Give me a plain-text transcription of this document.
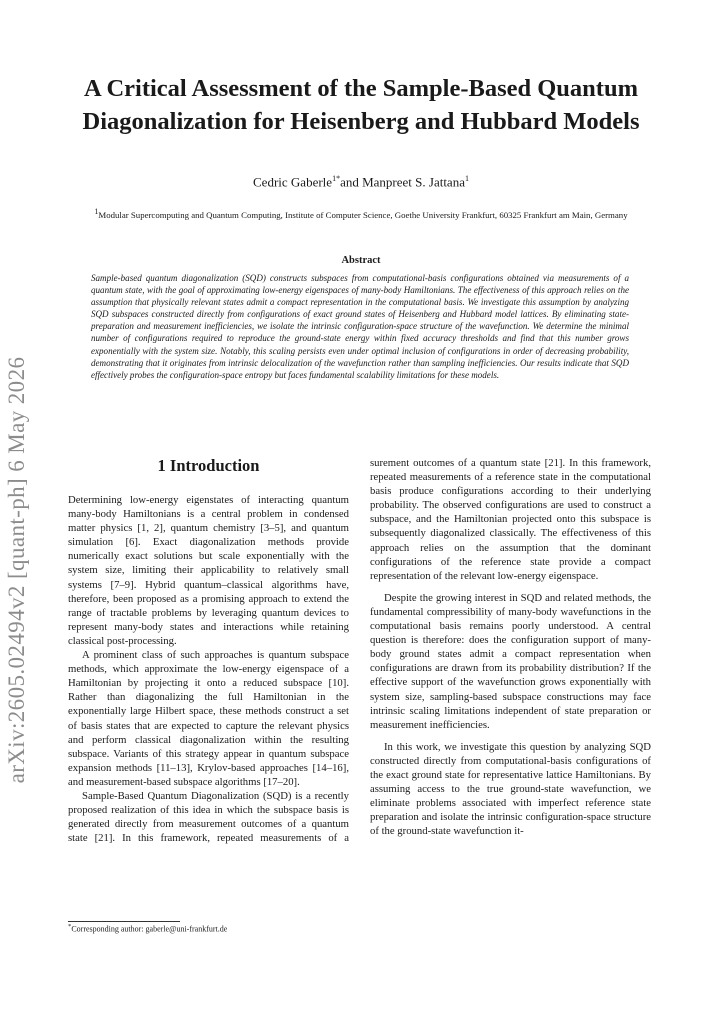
arXiv:2605.02494v2 [quant-ph] 6 May 2026
A Critical Assessment of the Sample-Based Quantum Diagonalization for Heisenberg and Hubbard Models

Cedric Gaberle$^{1*}$and Manpreet S. Jattana$^1$

$^1$Modular Supercomputing and Quantum Computing, Institute of Computer Science, Goethe University Frankfurt, 60325 Frankfurt am Main, Germany

Abstract

Sample-based quantum diagonalization (SQD) constructs subspaces from computational-basis configurations obtained via measurements of a quantum state, with the goal of approximating low-energy eigenspaces of many-body Hamiltonians. The effectiveness of this approach relies on the assumption that physically relevant states admit a compact representation in the computational basis. We investigate this assumption by analyzing SQD subspaces constructed directly from configurations of exact ground states of Heisenberg and Hubbard model lattices. By eliminating state-preparation and measurement inefficiencies, we isolate the intrinsic configuration-space structure of the wavefunction. We determine the minimal number of configurations required to reproduce the ground-state energy within fixed accuracy thresholds and find that this number grows exponentially with the system size. Notably, this scaling persists even under optimal inclusion of configurations in order of decreasing probability, demonstrating that it originates from intrinsic delocalization of the wavefunction rather than sampling inefficiencies. Our results indicate that SQD effectively probes the configuration-space entropy but faces fundamental scalability limitations for these models.

1 Introduction

Determining low-energy eigenstates of interacting quantum many-body Hamiltonians is a central problem in condensed matter physics [1, 2], quantum chemistry [3–5], and quantum simulation [6]. Exact diagonalization methods provide numerically exact solutions but scale exponentially with the system size, limiting their applicability to relatively small systems [7–9]. Hybrid quantum–classical algorithms have, therefore, been proposed as a promising approach to extend the range of tractable problems by leveraging quantum devices to represent many-body states and interactions while retaining classical post-processing.

A prominent class of such approaches is quantum subspace methods, which approximate the low-energy eigenspace of a Hamiltonian by projecting it onto a reduced subspace [10]. Rather than diagonalizing the full Hamiltonian in the exponentially large Hilbert space, these methods construct a set of basis states that are expected to capture the relevant physics and perform classical diagonalization within the resulting subspace. Variants of this strategy appear in quantum subspace expansion methods [11–13], Krylov-based approaches [14–16], and measurement-based subspace algorithms [17–20].

Sample-Based Quantum Diagonalization (SQD) is a recently proposed realization of this idea in which the subspace basis is generated directly from measurement outcomes of a quantum state [21]. In this framework, repeated measurements of a

surement outcomes of a quantum state [21]. In this framework, repeated measurements of a reference state in the computational basis produce configurations according to their underlying probability. The observed configurations are used to construct a subspace, and the Hamiltonian projected onto this subspace is subsequently diagonalized classically. The effectiveness of this approach relies on the assumption that the dominant configurations of the reference state provide a compact representation of the relevant low-energy eigenspace.

Despite the growing interest in SQD and related methods, the fundamental compressibility of many-body wavefunctions in the computational basis remains poorly understood. A central question is therefore: does the configuration support of many-body ground states admit a compact representation when configurations are drawn from its probability distribution? If the effective support of the wavefunction grows exponentially with system size, sampling-based subspace constructions may face intrinsic scaling limitations independent of state preparation or measurement inefficiencies.

In this work, we investigate this question by analyzing SQD constructed directly from computational-basis configurations of the exact ground state for representative lattice Hamiltonians. By assuming access to the true ground-state wavefunction, we eliminate problems associated with imperfect reference state preparation and isolate the intrinsic configuration-space structure of the ground-state wavefunction it-

*Corresponding author: gaberle@uni-frankfurt.de
